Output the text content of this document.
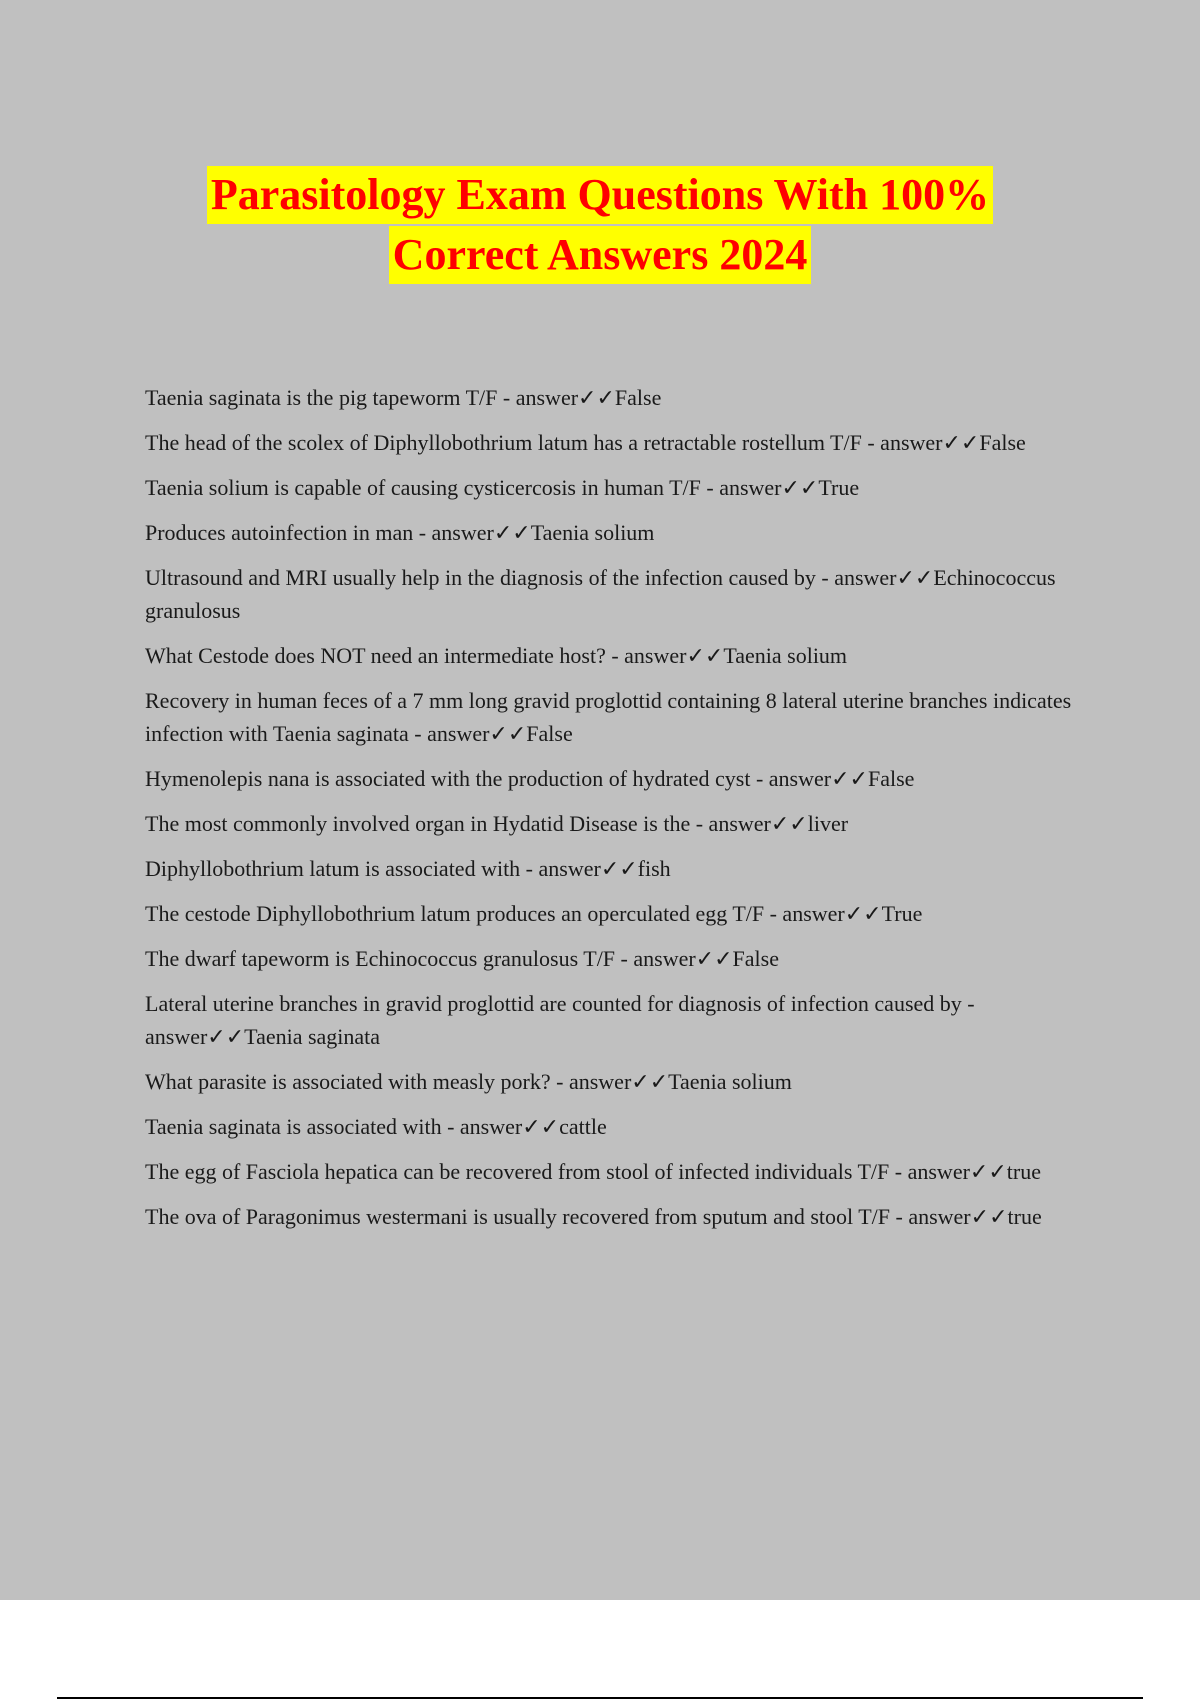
Parasitology Exam Questions With 100%
Correct Answers 2024
Taenia saginata is the pig tapeworm T/F - answer✓✓False
The head of the scolex of Diphyllobothrium latum has a retractable rostellum T/F - answer✓✓False
Taenia solium is capable of causing cysticercosis in human T/F - answer✓✓True
Produces autoinfection in man - answer✓✓Taenia solium
Ultrasound and MRI usually help in the diagnosis of the infection caused by - answer✓✓Echinococcus granulosus
What Cestode does NOT need an intermediate host? - answer✓✓Taenia solium
Recovery in human feces of a 7 mm long gravid proglottid containing 8 lateral uterine branches indicates infection with Taenia saginata - answer✓✓False
Hymenolepis nana is associated with the production of hydrated cyst - answer✓✓False
The most commonly involved organ in Hydatid Disease is the - answer✓✓liver
Diphyllobothrium latum is associated with - answer✓✓fish
The cestode Diphyllobothrium latum produces an operculated egg T/F - answer✓✓True
The dwarf tapeworm is Echinococcus granulosus T/F - answer✓✓False
Lateral uterine branches in gravid proglottid are counted for diagnosis of infection caused by - answer✓✓Taenia saginata
What parasite is associated with measly pork? - answer✓✓Taenia solium
Taenia saginata is associated with - answer✓✓cattle
The egg of Fasciola hepatica can be recovered from stool of infected individuals T/F - answer✓✓true
The ova of Paragonimus westermani is usually recovered from sputum and stool T/F - answer✓✓true
